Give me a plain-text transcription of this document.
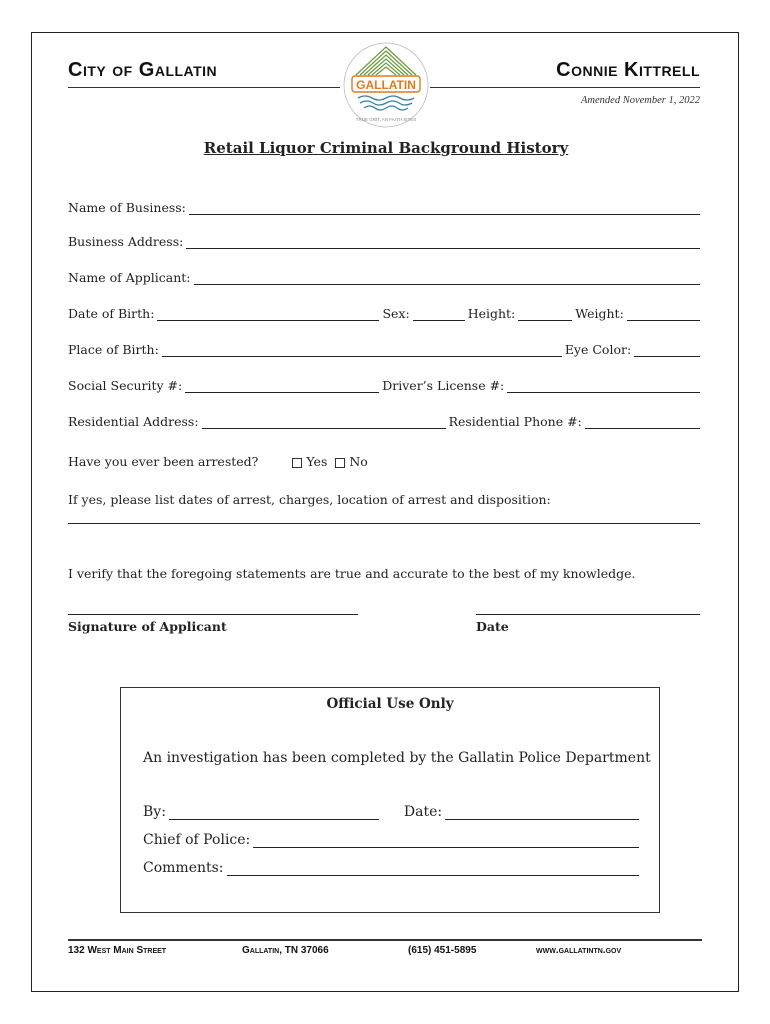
City of Gallatin
GALLATIN
TRUE GRIT, AN FAITH SITES
Connie Kittrell
Amended November 1, 2022
Retail Liquor Criminal Background History
Name of Business:
Business Address:
Name of Applicant:
Date of Birth:	Sex:	Height:	Weight:
Place of Birth:	Eye Color:
Social Security #:	Driver’s License #:
Residential Address:	Residential Phone #:
Have you ever been arrested?	Yes No
If yes, please list dates of arrest, charges, location of arrest and disposition:
I verify that the foregoing statements are true and accurate to the best of my knowledge.
Signature of Applicant	Date
Official Use Only
An investigation has been completed by the Gallatin Police Department
By:	Date:
Chief of Police:
Comments:
132 West Main Street	Gallatin, TN 37066	(615) 451-5895	www.gallatintn.gov
